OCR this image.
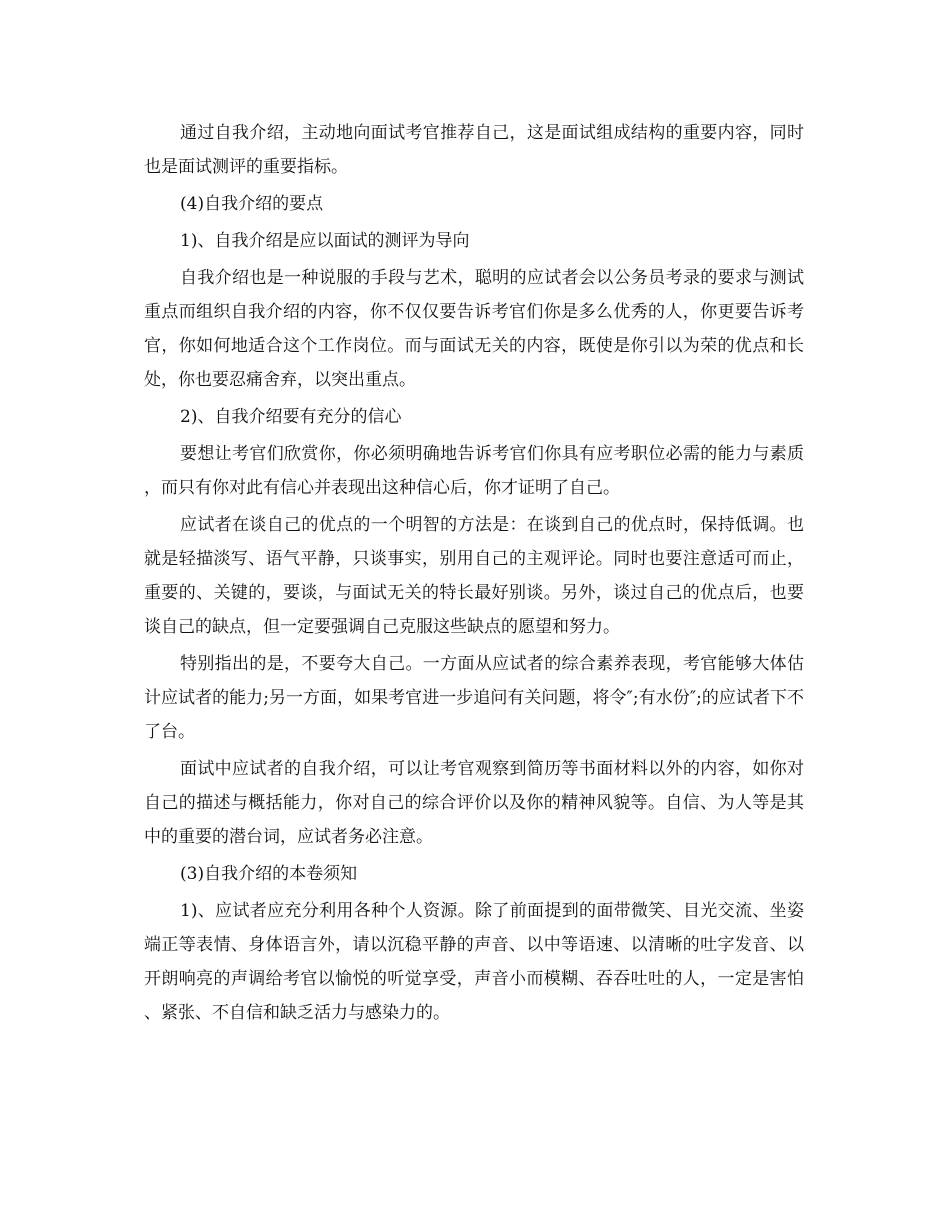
通过自我介绍，主动地向面试考官推荐自己，这是面试组成结构的重要内容，同时也是面试测评的重要指标。

(4)自我介绍的要点

1)、自我介绍是应以面试的测评为导向

自我介绍也是一种说服的手段与艺术，聪明的应试者会以公务员考录的要求与测试重点而组织自我介绍的内容，你不仅仅要告诉考官们你是多么优秀的人，你更要告诉考官，你如何地适合这个工作岗位。而与面试无关的内容，既使是你引以为荣的优点和长处，你也要忍痛舍弃，以突出重点。

2)、自我介绍要有充分的信心

要想让考官们欣赏你，你必须明确地告诉考官们你具有应考职位必需的能力与素质，而只有你对此有信心并表现出这种信心后，你才证明了自己。

应试者在谈自己的优点的一个明智的方法是：在谈到自己的优点时，保持低调。也就是轻描淡写、语气平静，只谈事实，别用自己的主观评论。同时也要注意适可而止，重要的、关键的，要谈，与面试无关的特长最好别谈。另外，谈过自己的优点后，也要谈自己的缺点，但一定要强调自己克服这些缺点的愿望和努力。

特别指出的是，不要夸大自己。一方面从应试者的综合素养表现，考官能够大体估计应试者的能力;另一方面，如果考官进一步追问有关问题，将令″;有水份″;的应试者下不了台。

面试中应试者的自我介绍，可以让考官观察到简历等书面材料以外的内容，如你对自己的描述与概括能力，你对自己的综合评价以及你的精神风貌等。自信、为人等是其中的重要的潜台词，应试者务必注意。

(3)自我介绍的本卷须知

1)、应试者应充分利用各种个人资源。除了前面提到的面带微笑、目光交流、坐姿端正等表情、身体语言外，请以沉稳平静的声音、以中等语速、以清晰的吐字发音、以开朗响亮的声调给考官以愉悦的听觉享受，声音小而模糊、吞吞吐吐的人，一定是害怕、紧张、不自信和缺乏活力与感染力的。
